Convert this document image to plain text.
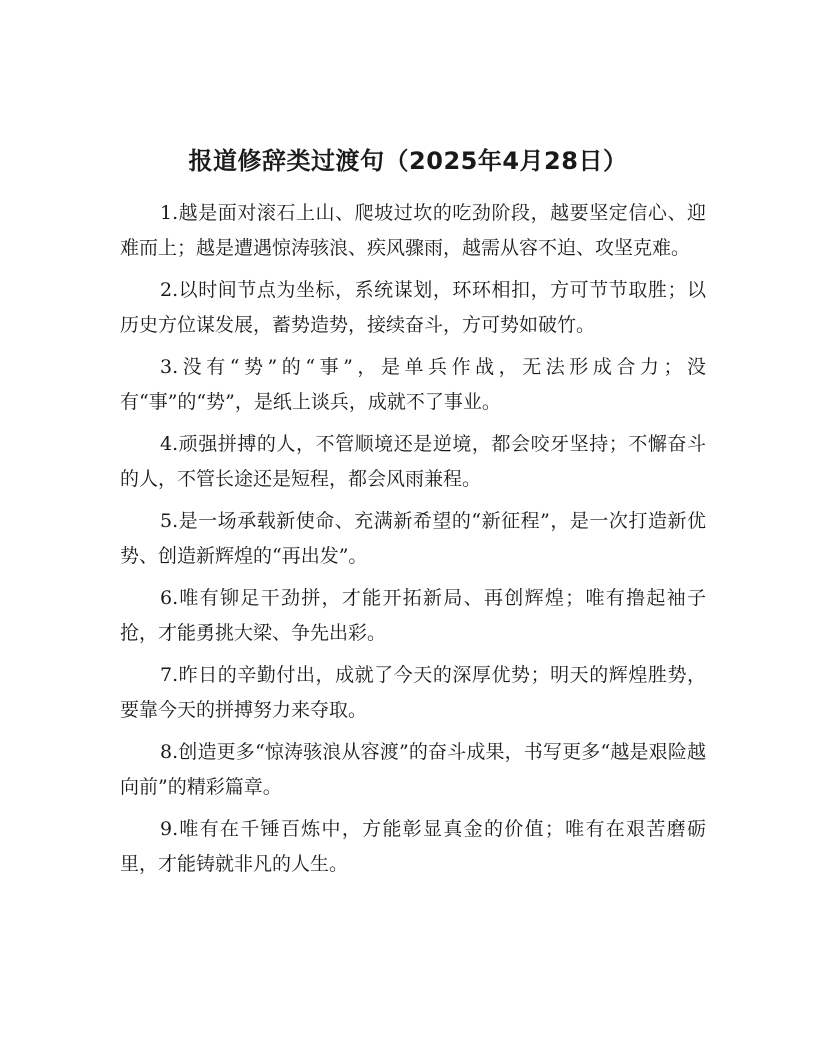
报道修辞类过渡句（2025年4月28日）

1.越是面对滚石上山、爬坡过坎的吃劲阶段，越要坚定信心、迎难而上；越是遭遇惊涛骇浪、疾风骤雨，越需从容不迫、攻坚克难。

2.以时间节点为坐标，系统谋划，环环相扣，方可节节取胜；以历史方位谋发展，蓄势造势，接续奋斗，方可势如破竹。

3.没有“势”的“事”，是单兵作战，无法形成合力；没有“事”的“势”，是纸上谈兵，成就不了事业。

4.顽强拼搏的人，不管顺境还是逆境，都会咬牙坚持；不懈奋斗的人，不管长途还是短程，都会风雨兼程。

5.是一场承载新使命、充满新希望的“新征程”，是一次打造新优势、创造新辉煌的“再出发”。

6.唯有铆足干劲拼，才能开拓新局、再创辉煌；唯有撸起袖子抢，才能勇挑大梁、争先出彩。

7.昨日的辛勤付出，成就了今天的深厚优势；明天的辉煌胜势，要靠今天的拼搏努力来夺取。

8.创造更多“惊涛骇浪从容渡”的奋斗成果，书写更多“越是艰险越向前”的精彩篇章。

9.唯有在千锤百炼中，方能彰显真金的价值；唯有在艰苦磨砺里，才能铸就非凡的人生。
